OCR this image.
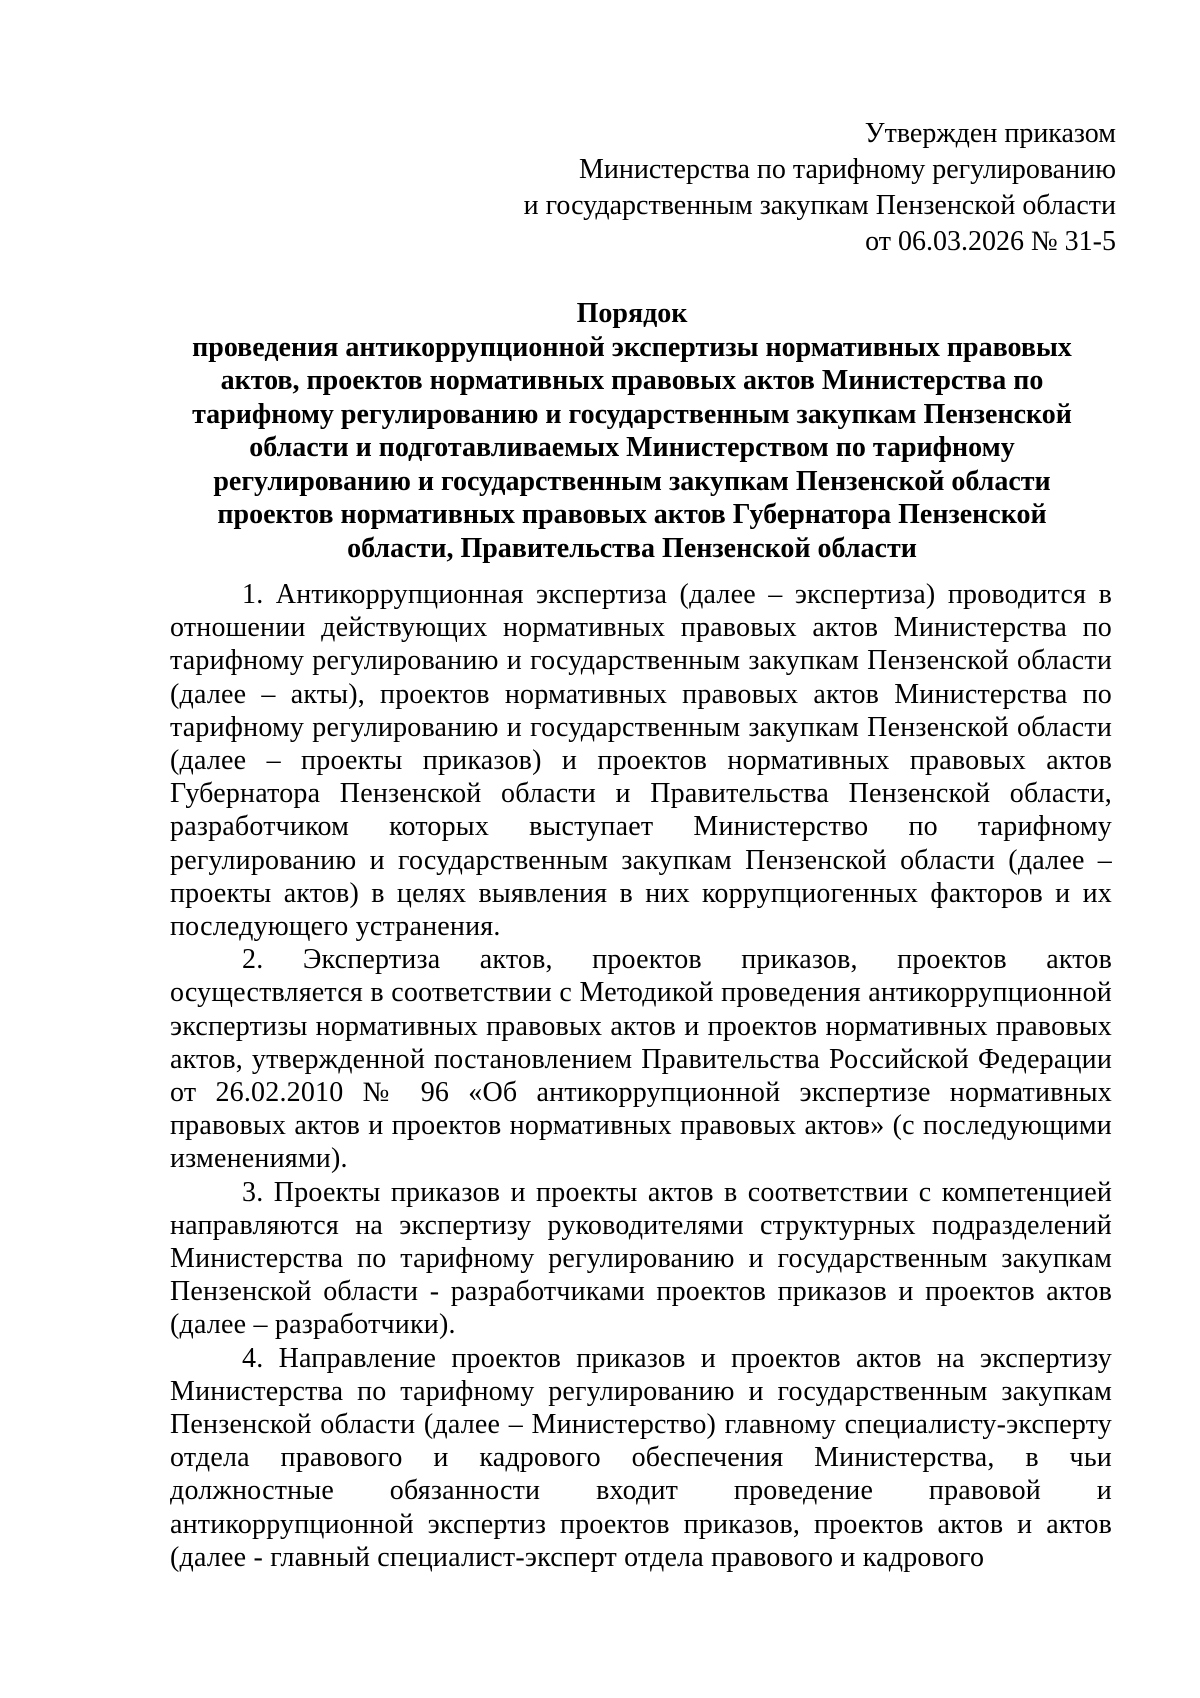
Утвержден приказом
Министерства по тарифному регулированию
и государственным закупкам Пензенской области
от 06.03.2026 № 31-5
Порядок
проведения антикоррупционной экспертизы нормативных правовых
актов, проектов нормативных правовых актов Министерства по
тарифному регулированию и государственным закупкам Пензенской
области и подготавливаемых Министерством по тарифному
регулированию и государственным закупкам Пензенской области
проектов нормативных правовых актов Губернатора Пензенской
области, Правительства Пензенской области

1. Антикоррупционная экспертиза (далее – экспертиза) проводится в отношении действующих нормативных правовых актов Министерства по тарифному регулированию и государственным закупкам Пензенской области (далее – акты), проектов нормативных правовых актов Министерства по тарифному регулированию и государственным закупкам Пензенской области (далее – проекты приказов) и проектов нормативных правовых актов Губернатора Пензенской области и Правительства Пензенской области, разработчиком которых выступает Министерство по тарифному регулированию и государственным закупкам Пензенской области (далее – проекты актов) в целях выявления в них коррупциогенных факторов и их последующего устранения.

2. Экспертиза актов, проектов приказов, проектов актов осуществляется в соответствии с Методикой проведения антикоррупционной экспертизы нормативных правовых актов и проектов нормативных правовых актов, утвержденной постановлением Правительства Российской Федерации от 26.02.2010 № 96 «Об антикоррупционной экспертизе нормативных правовых актов и проектов нормативных правовых актов» (с последующими изменениями).

3. Проекты приказов и проекты актов в соответствии с компетенцией направляются на экспертизу руководителями структурных подразделений Министерства по тарифному регулированию и государственным закупкам Пензенской области - разработчиками проектов приказов и проектов актов (далее – разработчики).

4. Направление проектов приказов и проектов актов на экспертизу Министерства по тарифному регулированию и государственным закупкам Пензенской области (далее – Министерство) главному специалисту-эксперту отдела правового и кадрового обеспечения Министерства, в чьи должностные обязанности входит проведение правовой и антикоррупционной экспертиз проектов приказов, проектов актов и актов (далее - главный специалист-эксперт отдела правового и кадрового
